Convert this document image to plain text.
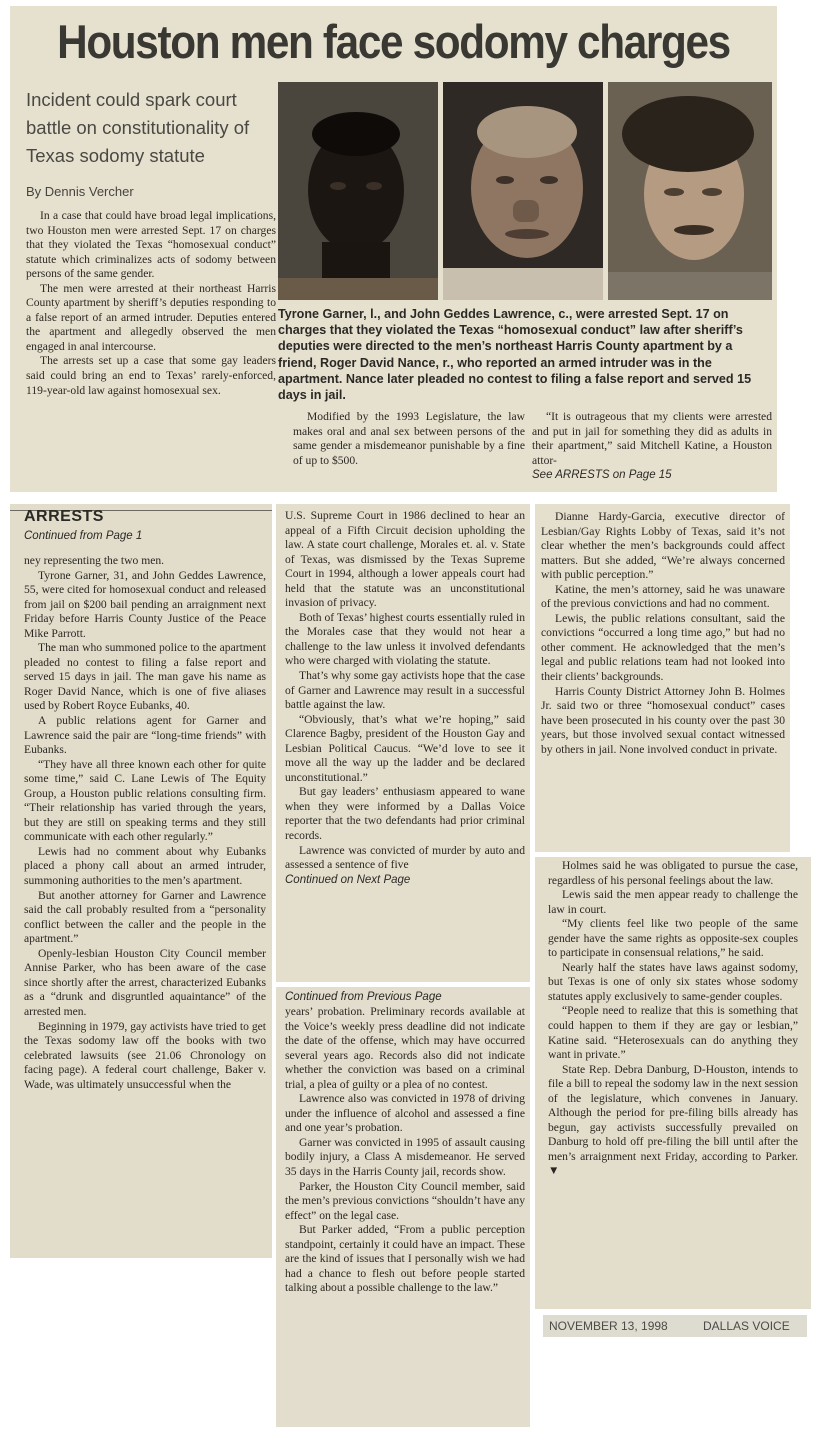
Houston men face sodomy charges
Incident could spark court battle on constitutionality of Texas sodomy statute
By Dennis Vercher

In a case that could have broad legal implications, two Houston men were arrested Sept. 17 on charges that they violated the Texas “homosexual conduct” statute which criminalizes acts of sodomy between persons of the same gender.

The men were arrested at their northeast Harris County apartment by sheriff’s deputies responding to a false report of an armed intruder. Deputies entered the apartment and allegedly observed the men engaged in anal intercourse.

The arrests set up a case that some gay leaders said could bring an end to Texas’ rarely-enforced, 119-year-old law against homosexual sex.

Tyrone Garner, l., and John Geddes Lawrence, c., were arrested Sept. 17 on charges that they violated the Texas “homosexual conduct” law after sheriff’s deputies were directed to the men’s northeast Harris County apartment by a friend, Roger David Nance, r., who reported an armed intruder was in the apartment. Nance later pleaded no contest to filing a false report and served 15 days in jail.

Modified by the 1993 Legislature, the law makes oral and anal sex between persons of the same gender a misdemeanor punishable by a fine of up to $500.

“It is outrageous that my clients were arrested and put in jail for something they did as adults in their apartment,” said Mitchell Katine, a Houston attor-

See ARRESTS on Page 15
ARRESTS
Continued from Page 1

ney representing the two men.

Tyrone Garner, 31, and John Geddes Lawrence, 55, were cited for homosexual conduct and released from jail on $200 bail pending an arraignment next Friday before Harris County Justice of the Peace Mike Parrott.

The man who summoned police to the apartment pleaded no contest to filing a false report and served 15 days in jail. The man gave his name as Roger David Nance, which is one of five aliases used by Robert Royce Eubanks, 40.

A public relations agent for Garner and Lawrence said the pair are “long-time friends” with Eubanks.

“They have all three known each other for quite some time,” said C. Lane Lewis of The Equity Group, a Houston public relations consulting firm. “Their relationship has varied through the years, but they are still on speaking terms and they still communicate with each other regularly.”

Lewis had no comment about why Eubanks placed a phony call about an armed intruder, summoning authorities to the men’s apartment.

But another attorney for Garner and Lawrence said the call probably resulted from a “personality conflict between the caller and the people in the apartment.”

Openly-lesbian Houston City Council member Annise Parker, who has been aware of the case since shortly after the arrest, characterized Eubanks as a “drunk and disgruntled aquaintance” of the arrested men.

Beginning in 1979, gay activists have tried to get the Texas sodomy law off the books with two celebrated lawsuits (see 21.06 Chronology on facing page). A federal court challenge, Baker v. Wade, was ultimately unsuccessful when the

U.S. Supreme Court in 1986 declined to hear an appeal of a Fifth Circuit decision upholding the law. A state court challenge, Morales et. al. v. State of Texas, was dismissed by the Texas Supreme Court in 1994, although a lower appeals court had held that the statute was an unconstitutional invasion of privacy.

Both of Texas’ highest courts essentially ruled in the Morales case that they would not hear a challenge to the law unless it involved defendants who were charged with violating the statute.

That’s why some gay activists hope that the case of Garner and Lawrence may result in a successful battle against the law.

“Obviously, that’s what we’re hoping,” said Clarence Bagby, president of the Houston Gay and Lesbian Political Caucus. “We’d love to see it move all the way up the ladder and be declared unconstitutional.”

But gay leaders’ enthusiasm appeared to wane when they were informed by a Dallas Voice reporter that the two defendants had prior criminal records.

Lawrence was convicted of murder by auto and assessed a sentence of five

Continued on Next Page
Continued from Previous Page

years’ probation. Preliminary records available at the Voice’s weekly press deadline did not indicate the date of the offense, which may have occurred several years ago. Records also did not indicate whether the conviction was based on a criminal trial, a plea of guilty or a plea of no contest.

Lawrence also was convicted in 1978 of driving under the influence of alcohol and assessed a fine and one year’s probation.

Garner was convicted in 1995 of assault causing bodily injury, a Class A misdemeanor. He served 35 days in the Harris County jail, records show.

Parker, the Houston City Council member, said the men’s previous convictions “shouldn’t have any effect” on the legal case.

But Parker added, “From a public perception standpoint, certainly it could have an impact. These are the kind of issues that I personally wish we had had a chance to flesh out before people started talking about a possible challenge to the law.”

Dianne Hardy-Garcia, executive director of Lesbian/Gay Rights Lobby of Texas, said it’s not clear whether the men’s backgrounds could affect matters. But she added, “We’re always concerned with public perception.”

Katine, the men’s attorney, said he was unaware of the previous convictions and had no comment.

Lewis, the public relations consultant, said the convictions “occurred a long time ago,” but had no other comment. He acknowledged that the men’s legal and public relations team had not looked into their clients’ backgrounds.

Harris County District Attorney John B. Holmes Jr. said two or three “homosexual conduct” cases have been prosecuted in his county over the past 30 years, but those involved sexual contact witnessed by others in jail. None involved conduct in private.

Holmes said he was obligated to pursue the case, regardless of his personal feelings about the law.

Lewis said the men appear ready to challenge the law in court.

“My clients feel like two people of the same gender have the same rights as opposite-sex couples to participate in consensual relations,” he said.

Nearly half the states have laws against sodomy, but Texas is one of only six states whose sodomy statutes apply exclusively to same-gender couples.

“People need to realize that this is something that could happen to them if they are gay or lesbian,” Katine said. “Heterosexuals can do anything they want in private.”

State Rep. Debra Danburg, D-Houston, intends to file a bill to repeal the sodomy law in the next session of the legislature, which convenes in January. Although the period for pre-filing bills already has begun, gay activists successfully prevailed on Danburg to hold off pre-filing the bill until after the men’s arraignment next Friday, according to Parker. ▼

NOVEMBER 13, 1998	DALLAS VOICE
